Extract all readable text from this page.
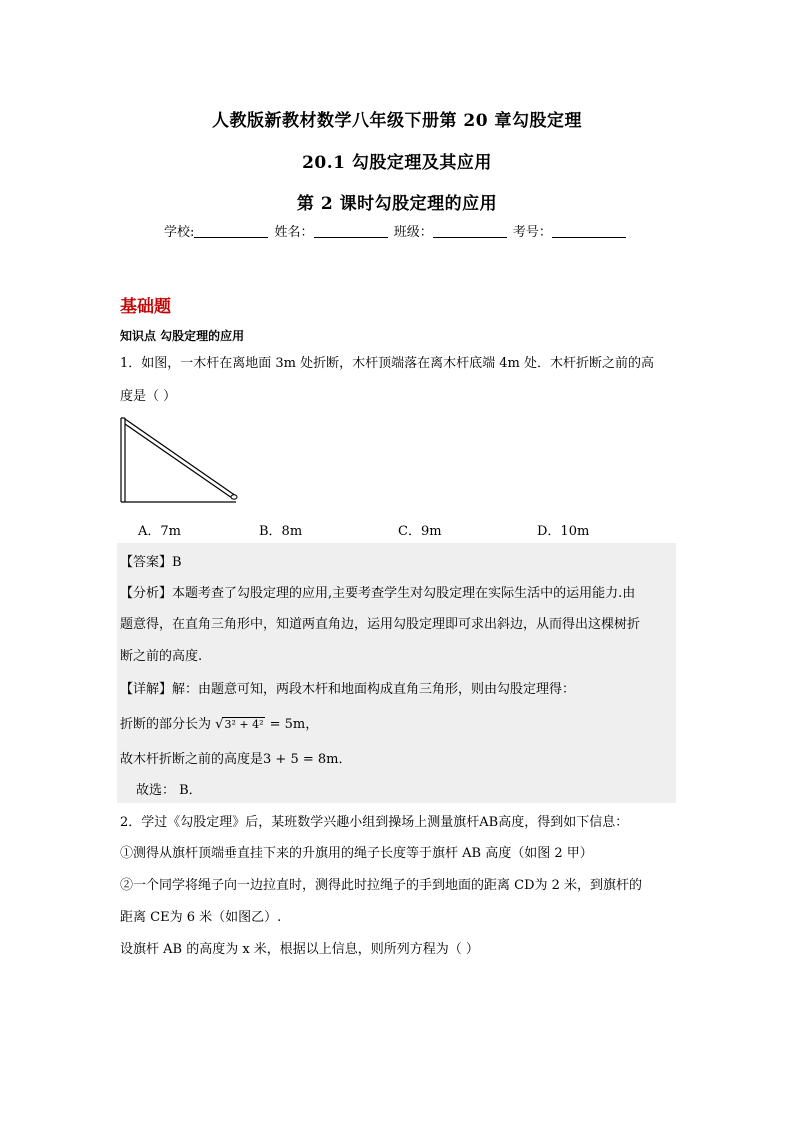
人教版新教材数学八年级下册第 20 章勾股定理
20.1 勾股定理及其应用
第 2 课时勾股定理的应用
学校:	姓名：	班级：	考号：
基础题
知识点 勾股定理的应用
1．如图，一木杆在离地面 3m 处折断，木杆顶端落在离木杆底端 4m 处．木杆折断之前的高
度是（ ）
A．7m	B．8m	C．9m	D．10m
【答案】B
【分析】本题考查了勾股定理的应用,主要考查学生对勾股定理在实际生活中的运用能力.由
题意得，在直角三角形中，知道两直角边，运用勾股定理即可求出斜边，从而得出这棵树折
断之前的高度.
【详解】解：由题意可知，两段木杆和地面构成直角三角形，则由勾股定理得：
折断的部分长为 √3² + 4² = 5m，
故木杆折断之前的高度是3 + 5 = 8m．
故选： B．
2．学过《勾股定理》后，某班数学兴趣小组到操场上测量旗杆AB高度，得到如下信息：
①测得从旗杆顶端垂直挂下来的升旗用的绳子长度等于旗杆 AB 高度（如图 2 甲）
②一个同学将绳子向一边拉直时，测得此时拉绳子的手到地面的距离 CD为 2 米，到旗杆的
距离 CE为 6 米（如图乙）.
设旗杆 AB 的高度为 x 米，根据以上信息，则所列方程为（ ）
